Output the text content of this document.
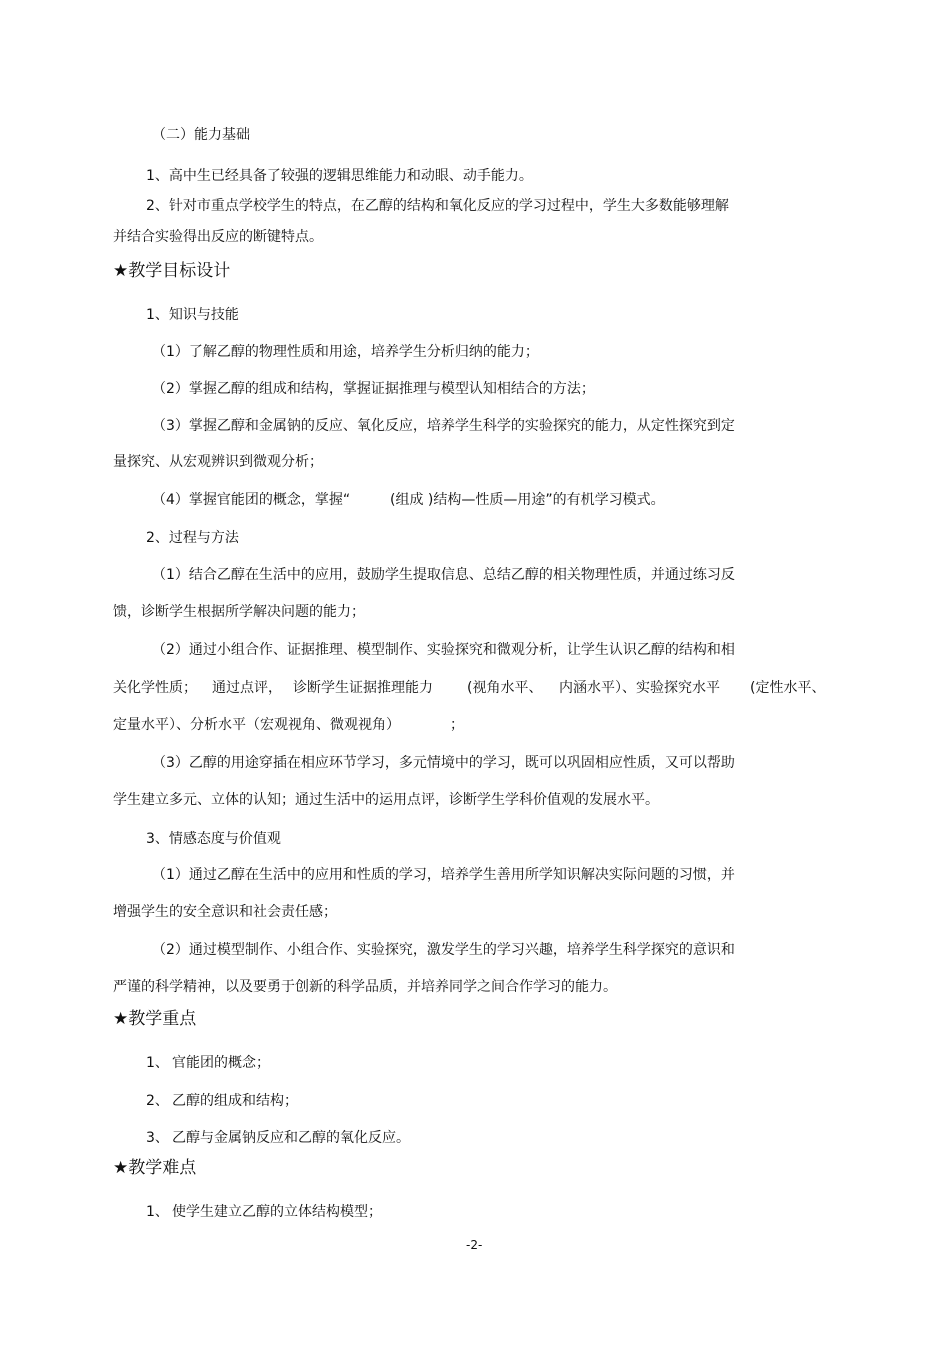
（二）能力基础
1、高中生已经具备了较强的逻辑思维能力和动眼、动手能力。
2、针对市重点学校学生的特点，在乙醇的结构和氧化反应的学习过程中，学生大多数能够理解
并结合实验得出反应的断键特点。
★教学目标设计
1、知识与技能
（1）了解乙醇的物理性质和用途，培养学生分析归纳的能力；
（2）掌握乙醇的组成和结构，掌握证据推理与模型认知相结合的方法；
（3）掌握乙醇和金属钠的反应、氧化反应，培养学生科学的实验探究的能力，从定性探究到定
量探究、从宏观辨识到微观分析；
（4）掌握官能团的概念，掌握“	(组成 )结构—性质—用途”的有机学习模式。
2、过程与方法
（1）结合乙醇在生活中的应用，鼓励学生提取信息、总结乙醇的相关物理性质，并通过练习反
馈，诊断学生根据所学解决问题的能力；
（2）通过小组合作、证据推理、模型制作、实验探究和微观分析，让学生认识乙醇的结构和相
关化学性质； 通过点评， 诊断学生证据推理能力 (视角水平、 内涵水平）、实验探究水平 (定性水平、
定量水平）、分析水平（宏观视角、微观视角）	；
（3）乙醇的用途穿插在相应环节学习，多元情境中的学习，既可以巩固相应性质，又可以帮助
学生建立多元、立体的认知；通过生活中的运用点评，诊断学生学科价值观的发展水平。
3、情感态度与价值观
（1）通过乙醇在生活中的应用和性质的学习，培养学生善用所学知识解决实际问题的习惯，并
增强学生的安全意识和社会责任感；
（2）通过模型制作、小组合作、实验探究，激发学生的学习兴趣，培养学生科学探究的意识和
严谨的科学精神，以及要勇于创新的科学品质，并培养同学之间合作学习的能力。
★教学重点
1、 官能团的概念；
2、 乙醇的组成和结构；
3、 乙醇与金属钠反应和乙醇的氧化反应。
★教学难点
1、 使学生建立乙醇的立体结构模型；
-2-
